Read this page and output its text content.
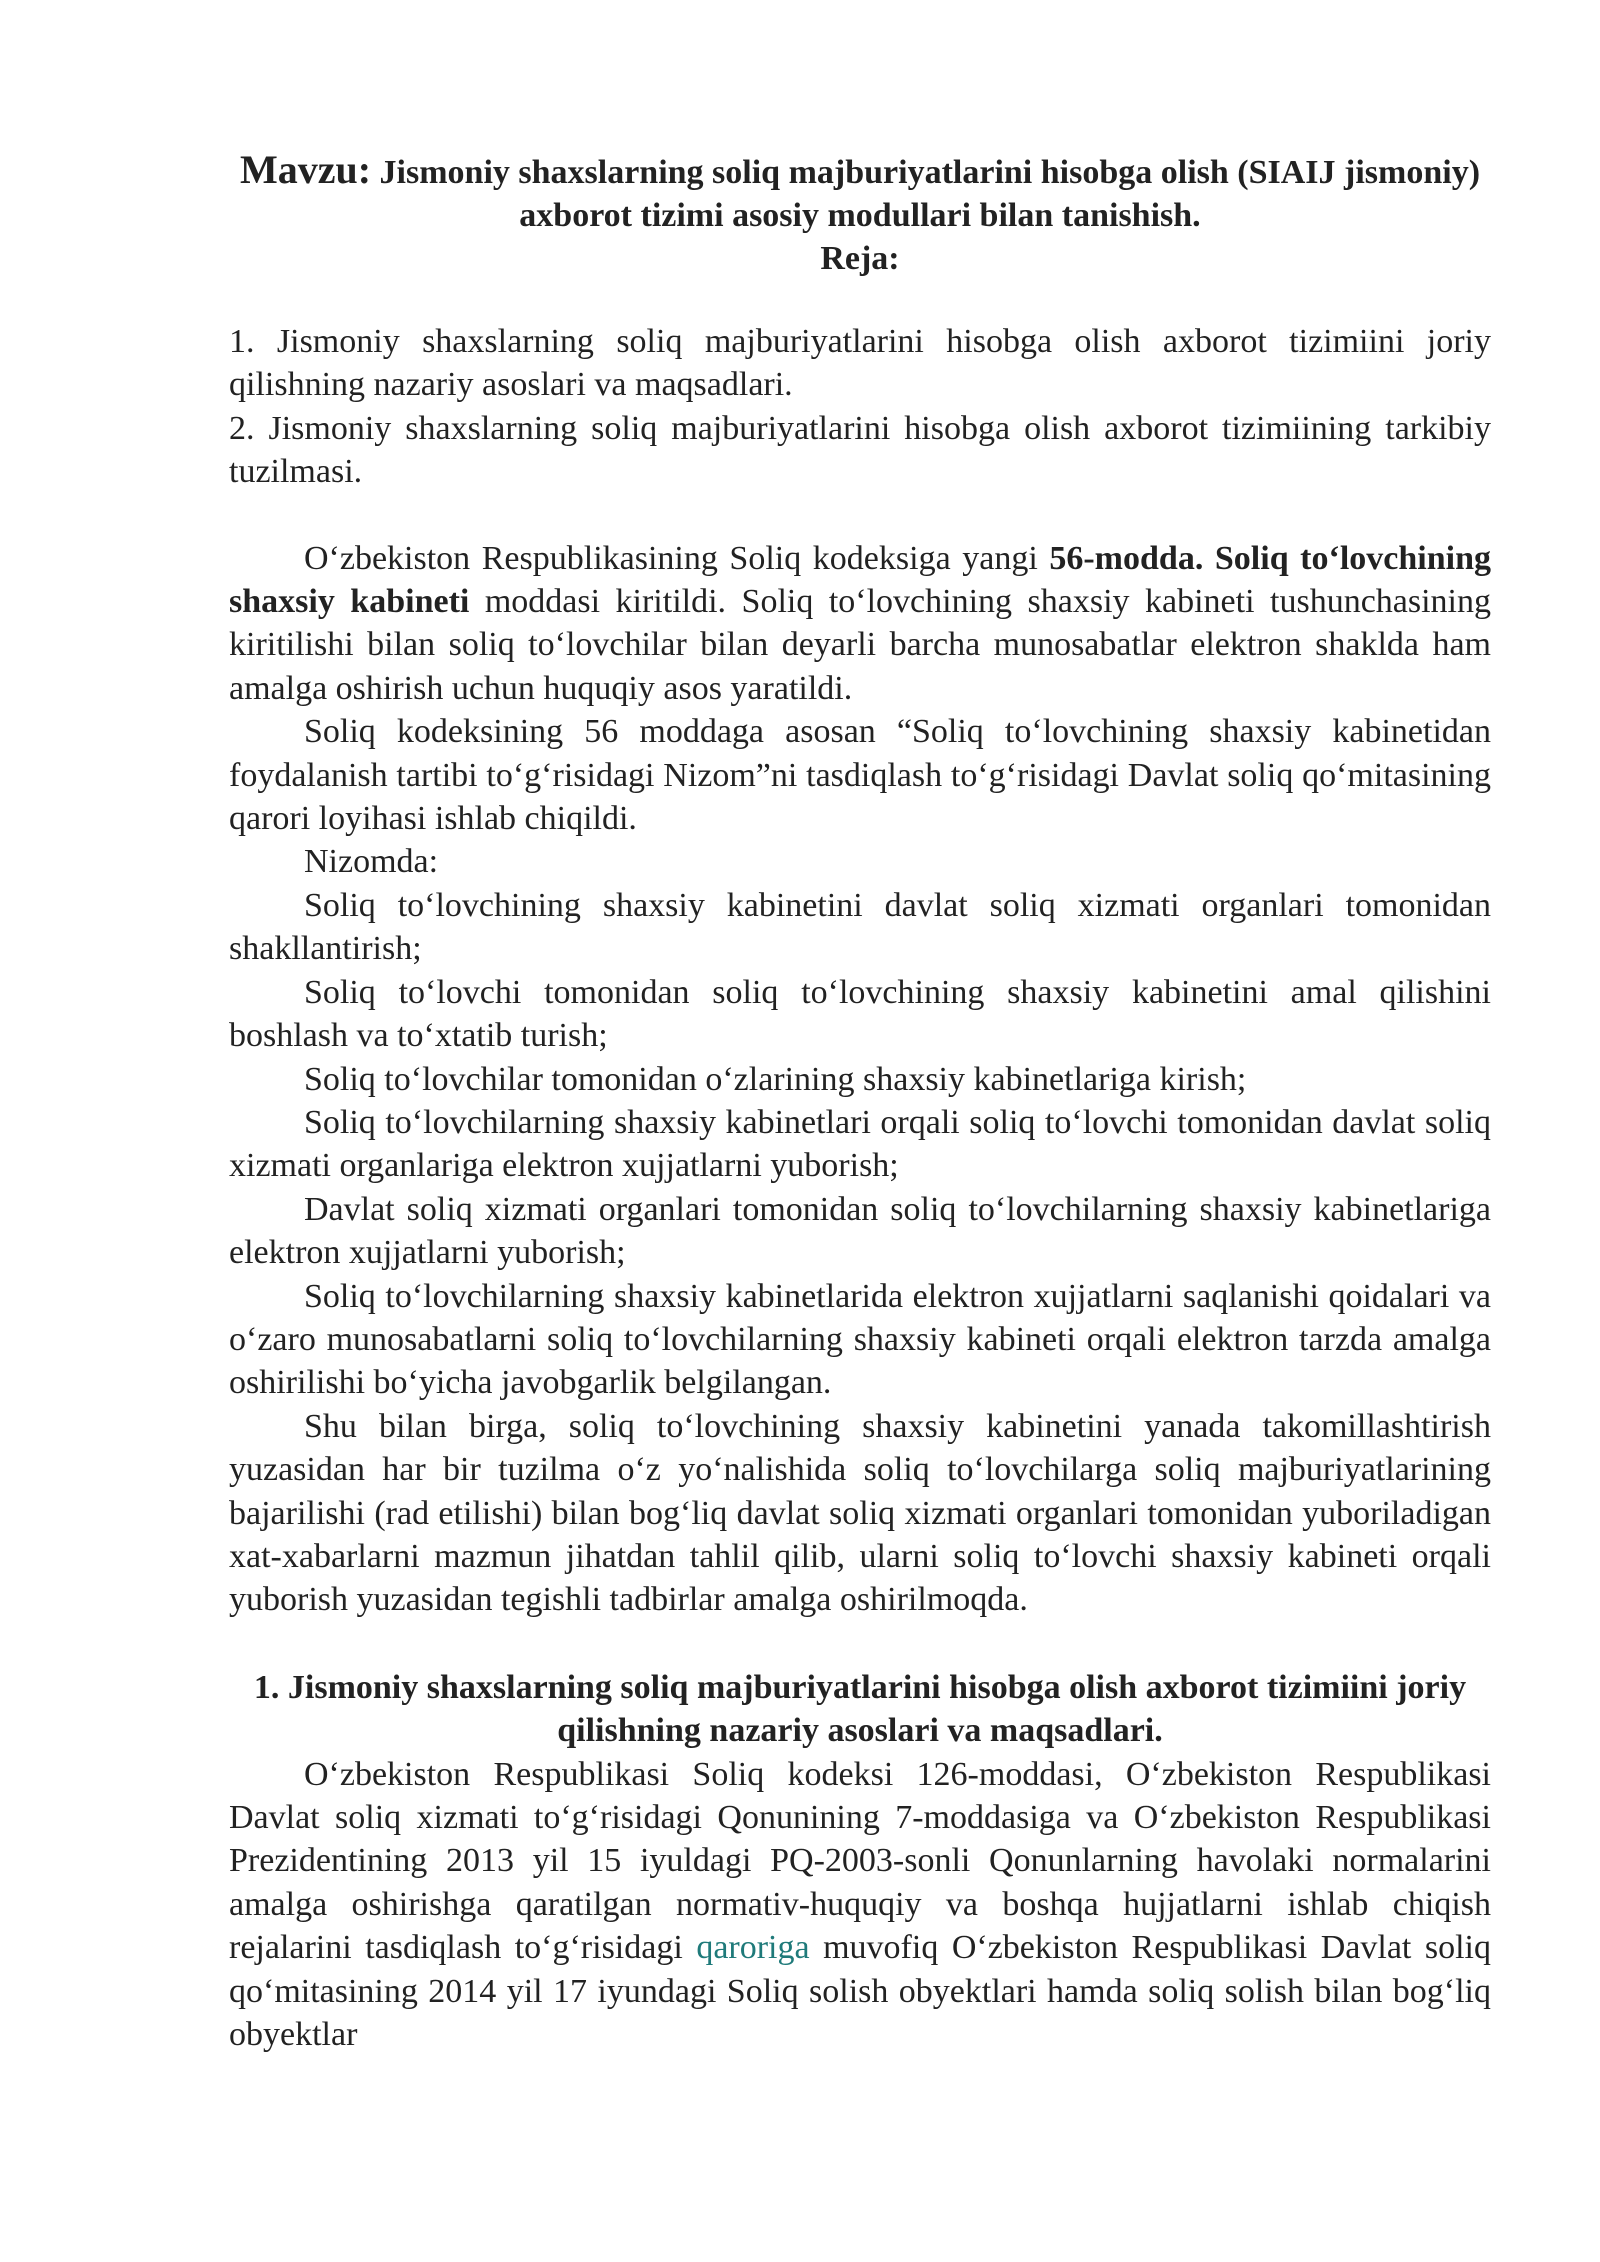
Mavzu: Jismoniy shaxslarning soliq majburiyatlarini hisobga olish (SIAIJ jismoniy) axborot tizimi asosiy modullari bilan tanishish.
Reja:

1. Jismoniy shaxslarning soliq majburiyatlarini hisobga olish axborot tizimiini joriy qilishning nazariy asoslari va maqsadlari.

2. Jismoniy shaxslarning soliq majburiyatlarini hisobga olish axborot tizimiining tarkibiy tuzilmasi.

O‘zbekiston Respublikasining Soliq kodeksiga yangi 56-modda. Soliq to‘lovchining shaxsiy kabineti moddasi kiritildi. Soliq to‘lovchining shaxsiy kabineti tushunchasining kiritilishi bilan soliq to‘lovchilar bilan deyarli barcha munosabatlar elektron shaklda ham amalga oshirish uchun huquqiy asos yaratildi.

Soliq kodeksining 56 moddaga asosan “Soliq to‘lovchining shaxsiy kabinetidan foydalanish tartibi to‘g‘risidagi Nizom”ni tasdiqlash to‘g‘risidagi Davlat soliq qo‘mitasining qarori loyihasi ishlab chiqildi.

Nizomda:

Soliq to‘lovchining shaxsiy kabinetini davlat soliq xizmati organlari tomonidan shakllantirish;

Soliq to‘lovchi tomonidan soliq to‘lovchining shaxsiy kabinetini amal qilishini boshlash va to‘xtatib turish;

Soliq to‘lovchilar tomonidan o‘zlarining shaxsiy kabinetlariga kirish;

Soliq to‘lovchilarning shaxsiy kabinetlari orqali soliq to‘lovchi tomonidan davlat soliq xizmati organlariga elektron xujjatlarni yuborish;

Davlat soliq xizmati organlari tomonidan soliq to‘lovchilarning shaxsiy kabinetlariga elektron xujjatlarni yuborish;

Soliq to‘lovchilarning shaxsiy kabinetlarida elektron xujjatlarni saqlanishi qoidalari va o‘zaro munosabatlarni soliq to‘lovchilarning shaxsiy kabineti orqali elektron tarzda amalga oshirilishi bo‘yicha javobgarlik belgilangan.

Shu bilan birga, soliq to‘lovchining shaxsiy kabinetini yanada takomillashtirish yuzasidan har bir tuzilma o‘z yo‘nalishida soliq to‘lovchilarga soliq majburiyatlarining bajarilishi (rad etilishi) bilan bog‘liq davlat soliq xizmati organlari tomonidan yuboriladigan xat-xabarlarni mazmun jihatdan tahlil qilib, ularni soliq to‘lovchi shaxsiy kabineti orqali yuborish yuzasidan tegishli tadbirlar amalga oshirilmoqda.

1. Jismoniy shaxslarning soliq majburiyatlarini hisobga olish axborot tizimiini joriy qilishning nazariy asoslari va maqsadlari.

O‘zbekiston Respublikasi Soliq kodeksi 126-moddasi, O‘zbekiston Respublikasi Davlat soliq xizmati to‘g‘risidagi Qonunining 7-moddasiga va O‘zbekiston Respublikasi Prezidentining 2013 yil 15 iyuldagi PQ-2003-sonli Qonunlarning havolaki normalarini amalga oshirishga qaratilgan normativ-huquqiy va boshqa hujjatlarni ishlab chiqish rejalarini tasdiqlash to‘g‘risidagi qaroriga muvofiq O‘zbekiston Respublikasi Davlat soliq qo‘mitasining 2014 yil 17 iyundagi Soliq solish obyektlari hamda soliq solish bilan bog‘liq obyektlar
